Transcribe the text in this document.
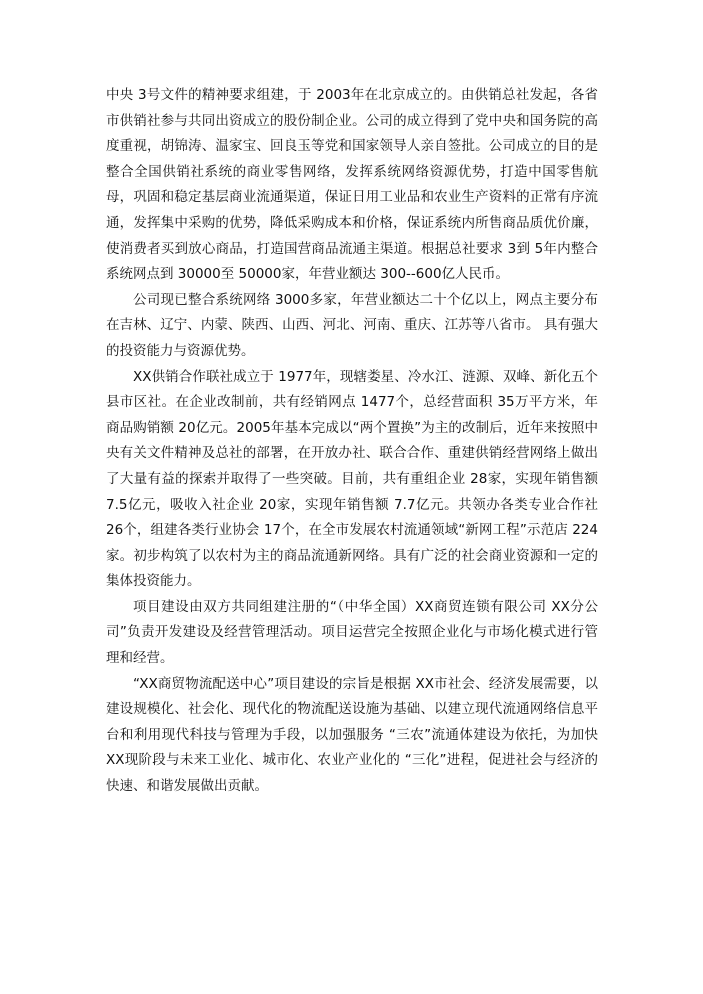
中央 3号文件的精神要求组建，于 2003年在北京成立的。由供销总社发起，各省市供销社参与共同出资成立的股份制企业。公司的成立得到了党中央和国务院的高度重视，胡锦涛、温家宝、回良玉等党和国家领导人亲自签批。公司成立的目的是整合全国供销社系统的商业零售网络，发挥系统网络资源优势，打造中国零售航母，巩固和稳定基层商业流通渠道，保证日用工业品和农业生产资料的正常有序流通，发挥集中采购的优势，降低采购成本和价格，保证系统内所售商品质优价廉，使消费者买到放心商品，打造国营商品流通主渠道。根据总社要求 3到 5年内整合系统网点到 30000至 50000家，年营业额达 300--600亿人民币。

公司现已整合系统网络 3000多家，年营业额达二十个亿以上，网点主要分布在吉林、辽宁、内蒙、陕西、山西、河北、河南、重庆、江苏等八省市。 具有强大的投资能力与资源优势。

XX供销合作联社成立于 1977年，现辖娄星、冷水江、涟源、双峰、新化五个县市区社。在企业改制前，共有经销网点 1477个，总经营面积 35万平方米，年商品购销额 20亿元。2005年基本完成以“两个置换”为主的改制后，近年来按照中央有关文件精神及总社的部署，在开放办社、联合合作、重建供销经营网络上做出了大量有益的探索并取得了一些突破。目前，共有重组企业 28家，实现年销售额 7.5亿元，吸收入社企业 20家，实现年销售额 7.7亿元。共领办各类专业合作社 26个，组建各类行业协会 17个，在全市发展农村流通领域“新网工程”示范店 224家。初步构筑了以农村为主的商品流通新网络。具有广泛的社会商业资源和一定的集体投资能力。

项目建设由双方共同组建注册的“（中华全国）XX商贸连锁有限公司 XX分公司”负责开发建设及经营管理活动。项目运营完全按照企业化与市场化模式进行管理和经营。

“XX商贸物流配送中心”项目建设的宗旨是根据 XX市社会、经济发展需要，以建设规模化、社会化、现代化的物流配送设施为基础、以建立现代流通网络信息平台和利用现代科技与管理为手段，以加强服务 “三农”流通体建设为依托，为加快 XX现阶段与未来工业化、城市化、农业产业化的 “三化”进程，促进社会与经济的快速、和谐发展做出贡献。
